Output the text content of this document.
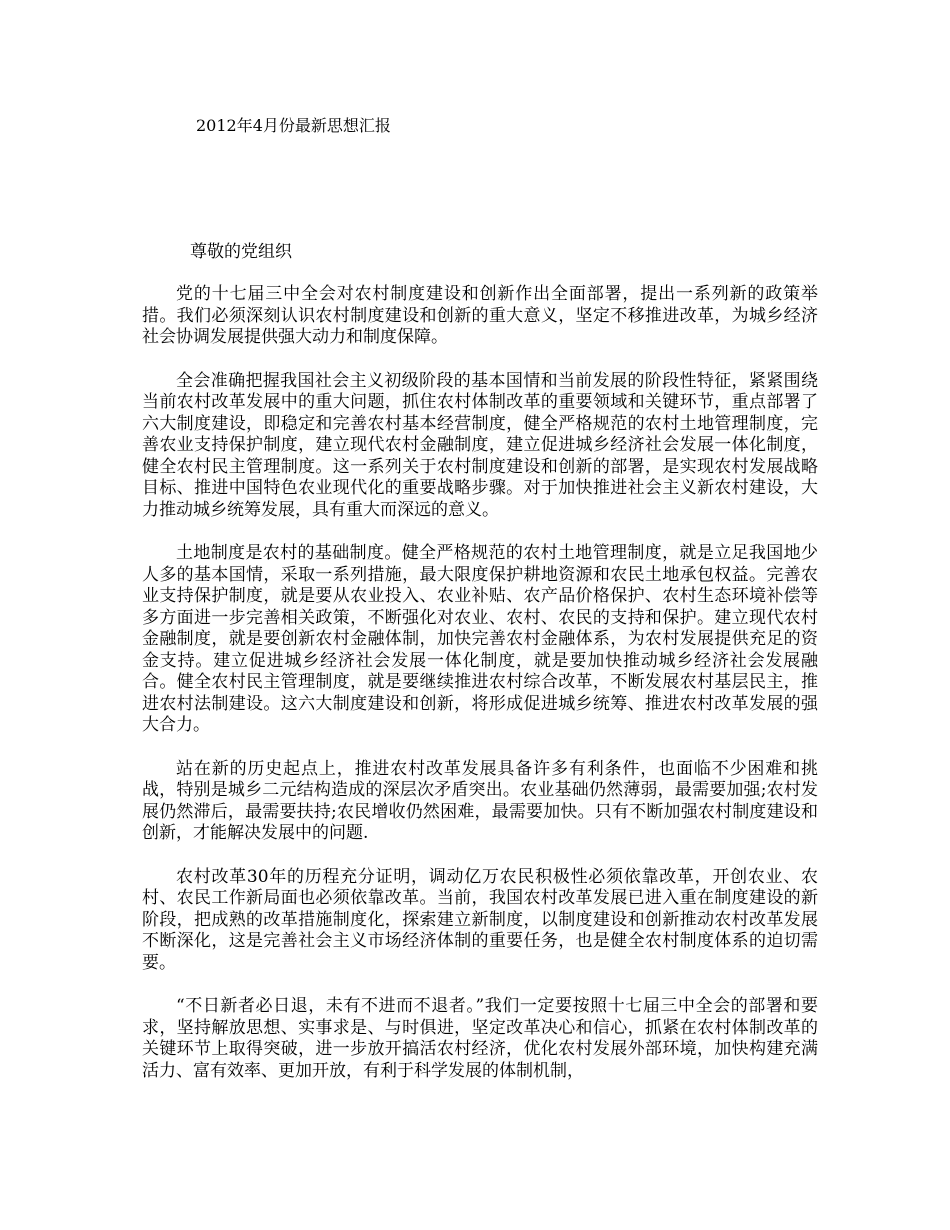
2012年4月份最新思想汇报

尊敬的党组织

党的十七届三中全会对农村制度建设和创新作出全面部署，提出一系列新的政策举措。我们必须深刻认识农村制度建设和创新的重大意义，坚定不移推进改革，为城乡经济社会协调发展提供强大动力和制度保障。

全会准确把握我国社会主义初级阶段的基本国情和当前发展的阶段性特征，紧紧围绕当前农村改革发展中的重大问题，抓住农村体制改革的重要领域和关键环节，重点部署了六大制度建设，即稳定和完善农村基本经营制度，健全严格规范的农村土地管理制度，完善农业支持保护制度，建立现代农村金融制度，建立促进城乡经济社会发展一体化制度，健全农村民主管理制度。这一系列关于农村制度建设和创新的部署，是实现农村发展战略目标、推进中国特色农业现代化的重要战略步骤。对于加快推进社会主义新农村建设，大力推动城乡统筹发展，具有重大而深远的意义。

土地制度是农村的基础制度。健全严格规范的农村土地管理制度，就是立足我国地少人多的基本国情，采取一系列措施，最大限度保护耕地资源和农民土地承包权益。完善农业支持保护制度，就是要从农业投入、农业补贴、农产品价格保护、农村生态环境补偿等多方面进一步完善相关政策，不断强化对农业、农村、农民的支持和保护。建立现代农村金融制度，就是要创新农村金融体制，加快完善农村金融体系，为农村发展提供充足的资金支持。建立促进城乡经济社会发展一体化制度，就是要加快推动城乡经济社会发展融合。健全农村民主管理制度，就是要继续推进农村综合改革，不断发展农村基层民主，推进农村法制建设。这六大制度建设和创新，将形成促进城乡统筹、推进农村改革发展的强大合力。

站在新的历史起点上，推进农村改革发展具备许多有利条件，也面临不少困难和挑战，特别是城乡二元结构造成的深层次矛盾突出。农业基础仍然薄弱，最需要加强;农村发展仍然滞后，最需要扶持;农民增收仍然困难，最需要加快。只有不断加强农村制度建设和创新，才能解决发展中的问题.

农村改革30年的历程充分证明，调动亿万农民积极性必须依靠改革，开创农业、农村、农民工作新局面也必须依靠改革。当前，我国农村改革发展已进入重在制度建设的新阶段，把成熟的改革措施制度化，探索建立新制度，以制度建设和创新推动农村改革发展不断深化，这是完善社会主义市场经济体制的重要任务，也是健全农村制度体系的迫切需要。

“不日新者必日退，未有不进而不退者。”我们一定要按照十七届三中全会的部署和要求，坚持解放思想、实事求是、与时俱进，坚定改革决心和信心，抓紧在农村体制改革的关键环节上取得突破，进一步放开搞活农村经济，优化农村发展外部环境，加快构建充满活力、富有效率、更加开放，有利于科学发展的体制机制，
